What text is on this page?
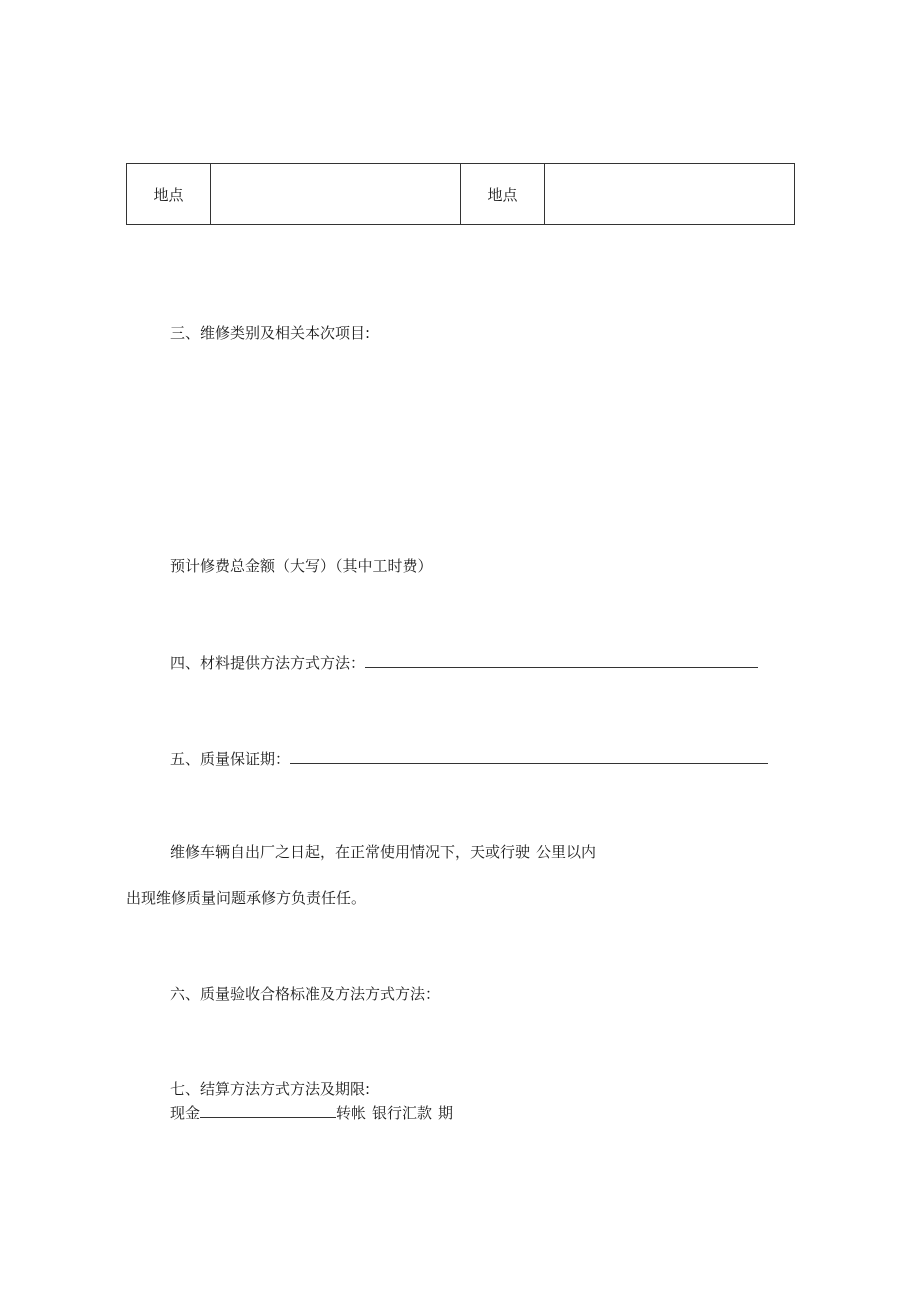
地点		地点	
三、维修类别及相关本次项目:
预计修费总金额（大写）（其中工时费）
四、材料提供方法方式方法：
五、质量保证期：
维修车辆自出厂之日起，在正常使用情况下，天或行驶 公里以内
出现维修质量问题承修方负责任任。
六、质量验收合格标准及方法方式方法：
七、结算方法方式方法及期限:
现金	转帐 银行汇款 期
